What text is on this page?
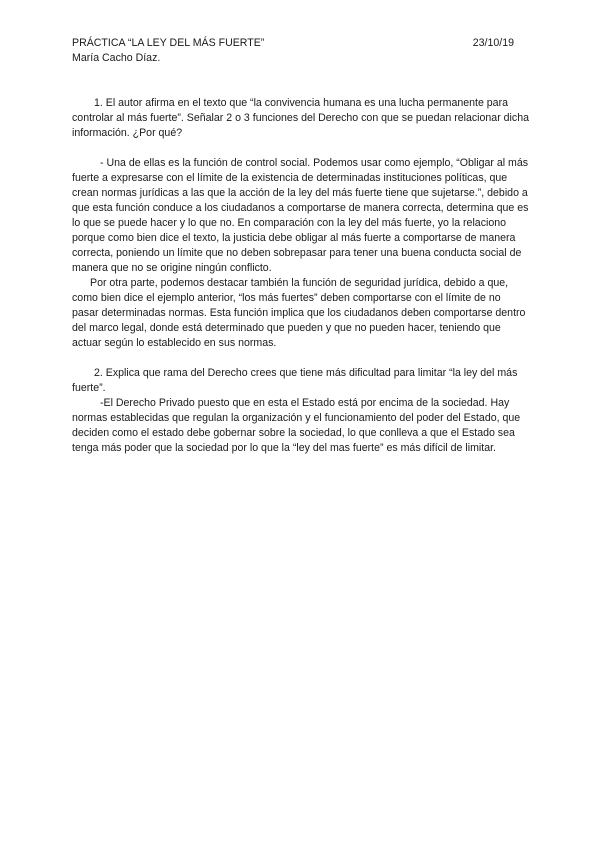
PRÁCTICA “LA LEY DEL MÁS FUERTE”
María Cacho Díaz.
23/10/19

1. El autor afirma en el texto que “la convivencia humana es una lucha permanente para controlar al más fuerte”. Señalar 2 o 3 funciones del Derecho con que se puedan relacionar dicha información. ¿Por qué?

- Una de ellas es la función de control social. Podemos usar como ejemplo, “Obligar al más fuerte a expresarse con el límite de la existencia de determinadas instituciones políticas, que crean normas jurídicas a las que la acción de la ley del más fuerte tiene que sujetarse.”, debido a que esta función conduce a los ciudadanos a comportarse de manera correcta, determina que es lo que se puede hacer y lo que no. En comparación con la ley del más fuerte, yo la relaciono porque como bien dice el texto, la justicia debe obligar al más fuerte a comportarse de manera correcta, poniendo un límite que no deben sobrepasar para tener una buena conducta social de manera que no se origine ningún conflicto.

Por otra parte, podemos destacar también la función de seguridad jurídica, debido a que, como bien dice el ejemplo anterior, “los más fuertes” deben comportarse con el límite de no pasar determinadas normas. Esta función implica que los ciudadanos deben comportarse dentro del marco legal, donde está determinado que pueden y que no pueden hacer, teniendo que actuar según lo establecido en sus normas.

2. Explica que rama del Derecho crees que tiene más dificultad para limitar “la ley del más fuerte”.

-El Derecho Privado puesto que en esta el Estado está por encima de la sociedad. Hay normas establecidas que regulan la organización y el funcionamiento del poder del Estado, que deciden como el estado debe gobernar sobre la sociedad, lo que conlleva a que el Estado sea tenga más poder que la sociedad por lo que la “ley del mas fuerte” es más difícil de limitar.
